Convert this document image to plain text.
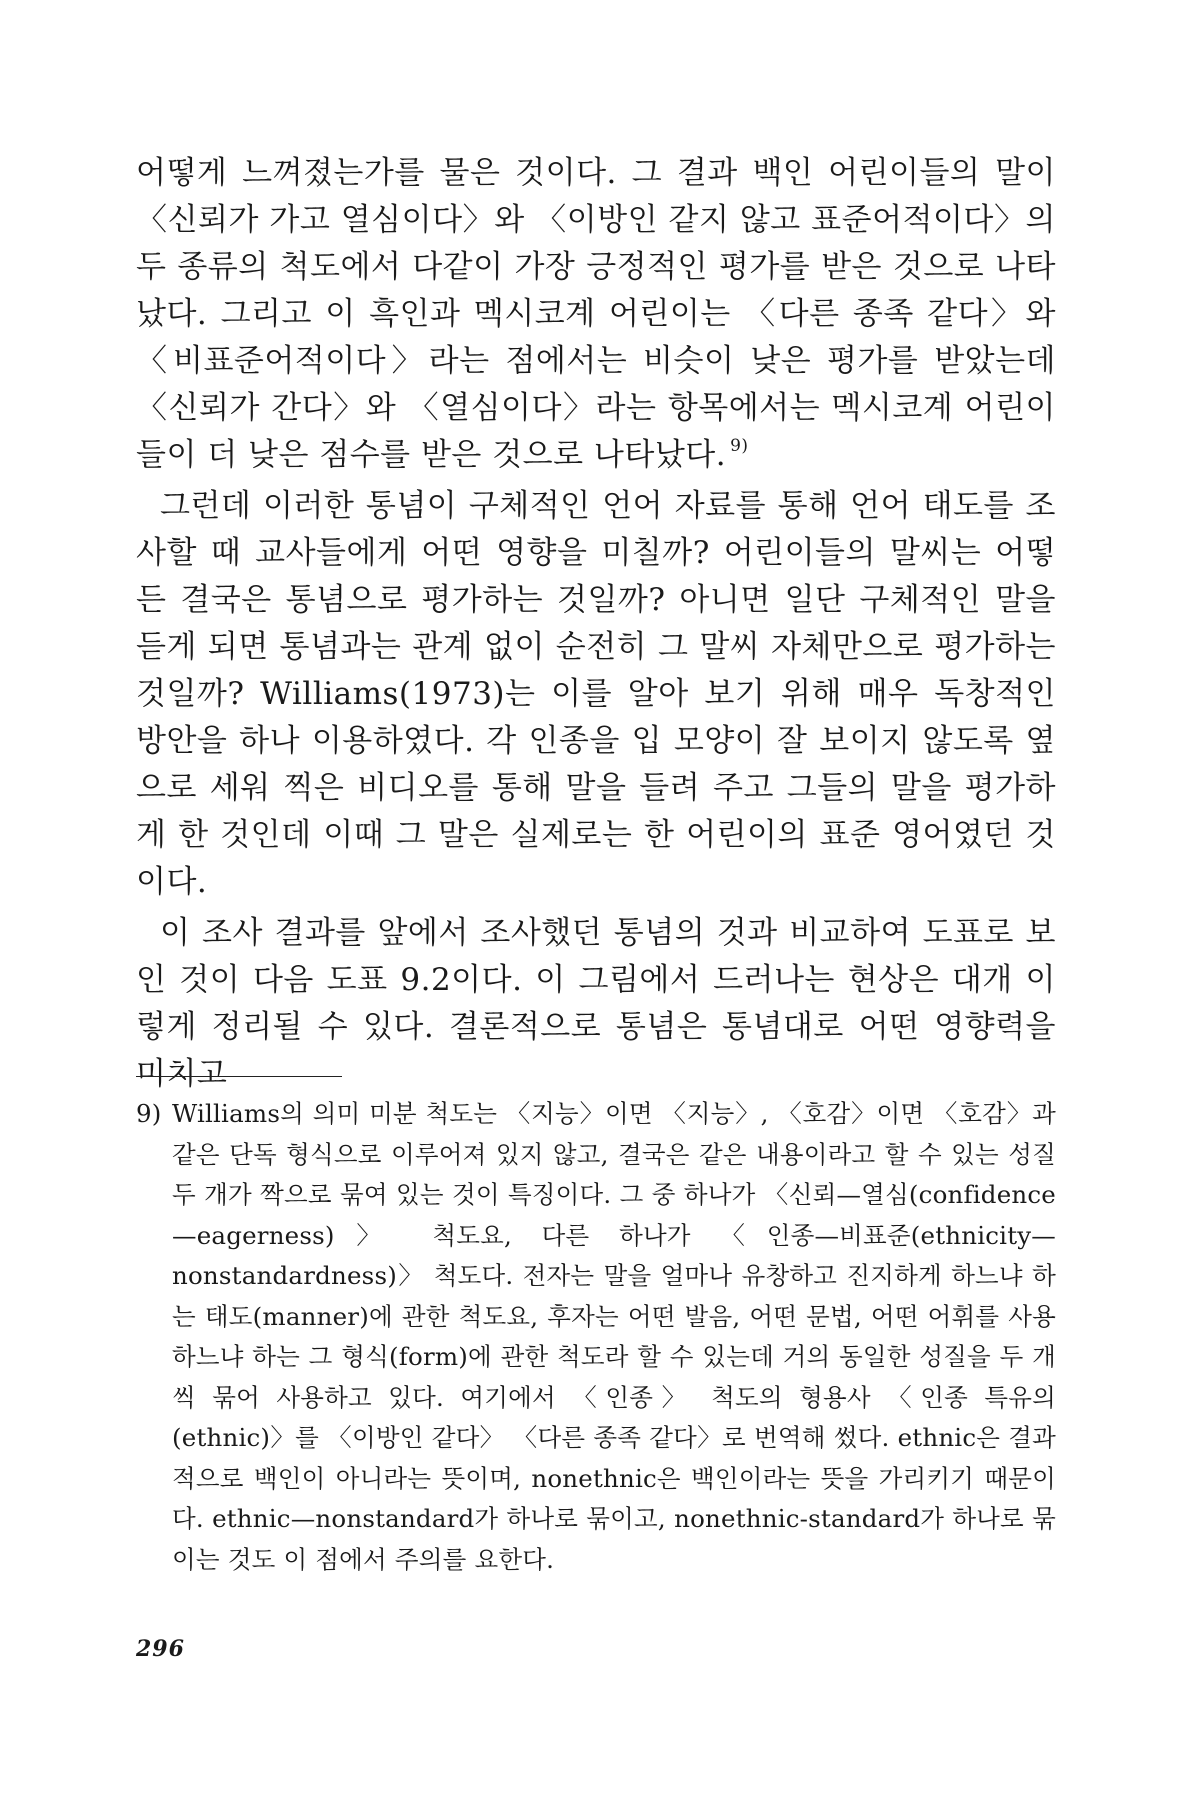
어떻게 느껴졌는가를 물은 것이다. 그 결과 백인 어린이들의 말이 〈신뢰가 가고 열심이다〉와 〈이방인 같지 않고 표준어적이다〉의 두 종류의 척도에서 다같이 가장 긍정적인 평가를 받은 것으로 나타났다. 그리고 이 흑인과 멕시코계 어린이는 〈다른 종족 같다〉와 〈비표준어적이다〉라는 점에서는 비슷이 낮은 평가를 받았는데 〈신뢰가 간다〉와 〈열심이다〉라는 항목에서는 멕시코계 어린이들이 더 낮은 점수를 받은 것으로 나타났다. $^{9)}$

그런데 이러한 통념이 구체적인 언어 자료를 통해 언어 태도를 조사할 때 교사들에게 어떤 영향을 미칠까? 어린이들의 말씨는 어떻든 결국은 통념으로 평가하는 것일까? 아니면 일단 구체적인 말을 듣게 되면 통념과는 관계 없이 순전히 그 말씨 자체만으로 평가하는 것일까? Williams(1973)는 이를 알아 보기 위해 매우 독창적인 방안을 하나 이용하였다. 각 인종을 입 모양이 잘 보이지 않도록 옆으로 세워 찍은 비디오를 통해 말을 들려 주고 그들의 말을 평가하게 한 것인데 이때 그 말은 실제로는 한 어린이의 표준 영어였던 것이다.

이 조사 결과를 앞에서 조사했던 통념의 것과 비교하여 도표로 보인 것이 다음 도표 9.2이다. 이 그림에서 드러나는 현상은 대개 이렇게 정리될 수 있다. 결론적으로 통념은 통념대로 어떤 영향력을 미치고

9) Williams의 의미 미분 척도는 〈지능〉이면 〈지능〉, 〈호감〉이면 〈호감〉과 같은 단독 형식으로 이루어져 있지 않고, 결국은 같은 내용이라고 할 수 있는 성질 두 개가 짝으로 묶여 있는 것이 특징이다. 그 중 하나가 〈신뢰—열심(confidence—eagerness)〉 척도요, 다른 하나가 〈인종—비표준(ethnicity—nonstandardness)〉 척도다. 전자는 말을 얼마나 유창하고 진지하게 하느냐 하는 태도(manner)에 관한 척도요, 후자는 어떤 발음, 어떤 문법, 어떤 어휘를 사용하느냐 하는 그 형식(form)에 관한 척도라 할 수 있는데 거의 동일한 성질을 두 개씩 묶어 사용하고 있다. 여기에서 〈인종〉 척도의 형용사 〈인종 특유의(ethnic)〉를 〈이방인 같다〉 〈다른 종족 같다〉로 번역해 썼다. ethnic은 결과적으로 백인이 아니라는 뜻이며, nonethnic은 백인이라는 뜻을 가리키기 때문이다. ethnic—nonstandard가 하나로 묶이고, nonethnic-standard가 하나로 묶이는 것도 이 점에서 주의를 요한다.
296
